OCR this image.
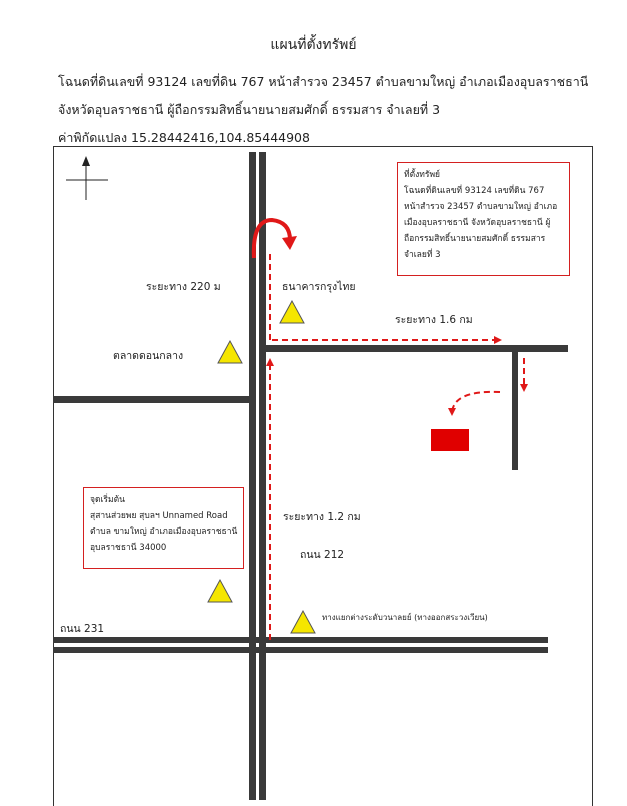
แผนที่ตั้งทรัพย์
โฉนดที่ดินเลขที่ 93124 เลขที่ดิน 767 หน้าสำรวจ 23457 ตำบลขามใหญ่ อำเภอเมืองอุบลราชธานี
จังหวัดอุบลราชธานี ผู้ถือกรรมสิทธิ์นายนายสมศักดิ์ ธรรมสาร จำเลยที่ 3
ค่าพิกัดแปลง 15.28442416,104.85444908
ระยะทาง 220 ม	ธนาคารกรุงไทย
ระยะทาง 1.6 กม
ตลาดดอนกลาง
ระยะทาง 1.2 กม
ถนน 212
ถนน 231
ทางแยกต่างระดับวนาลยย์ (ทางออกสระวงเวียน)
ที่ตั้งทรัพย์
โฉนดที่ดินเลขที่ 93124 เลขที่ดิน 767
หน้าสำรวจ 23457 ตำบลขามใหญ่ อำเภอ
เมืองอุบลราชธานี จังหวัดอุบลราชธานี ผู้
ถือกรรมสิทธิ์นายนายสมศักดิ์ ธรรมสาร
จำเลยที่ 3
จุดเริ่มต้น
สุสานส่วยพย สุบลฯ Unnamed Road
ตำบล ขามใหญ่ อำเภอเมืองอุบลราชธานี
อุบลราชธานี 34000
